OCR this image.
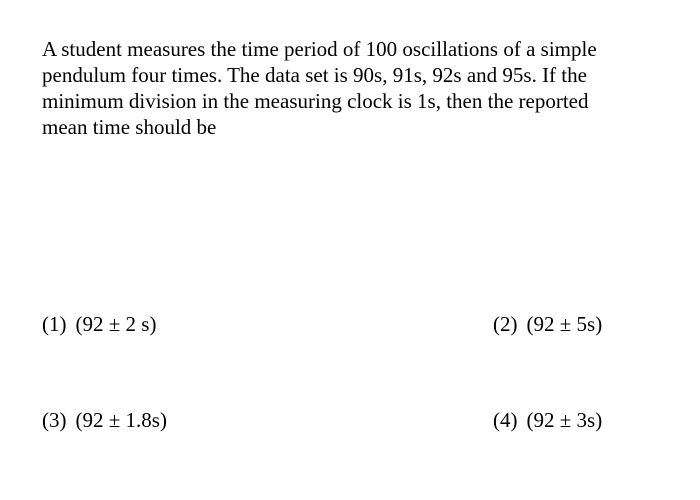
A student measures the time period of 100 oscillations of a simple
pendulum four times. The data set is 90s, 91s, 92s and 95s. If the
minimum division in the measuring clock is 1s, then the reported
mean time should be
(1) (92 ± 2 s)	(2) (92 ± 5s)
(3) (92 ± 1.8s)	(4) (92 ± 3s)
